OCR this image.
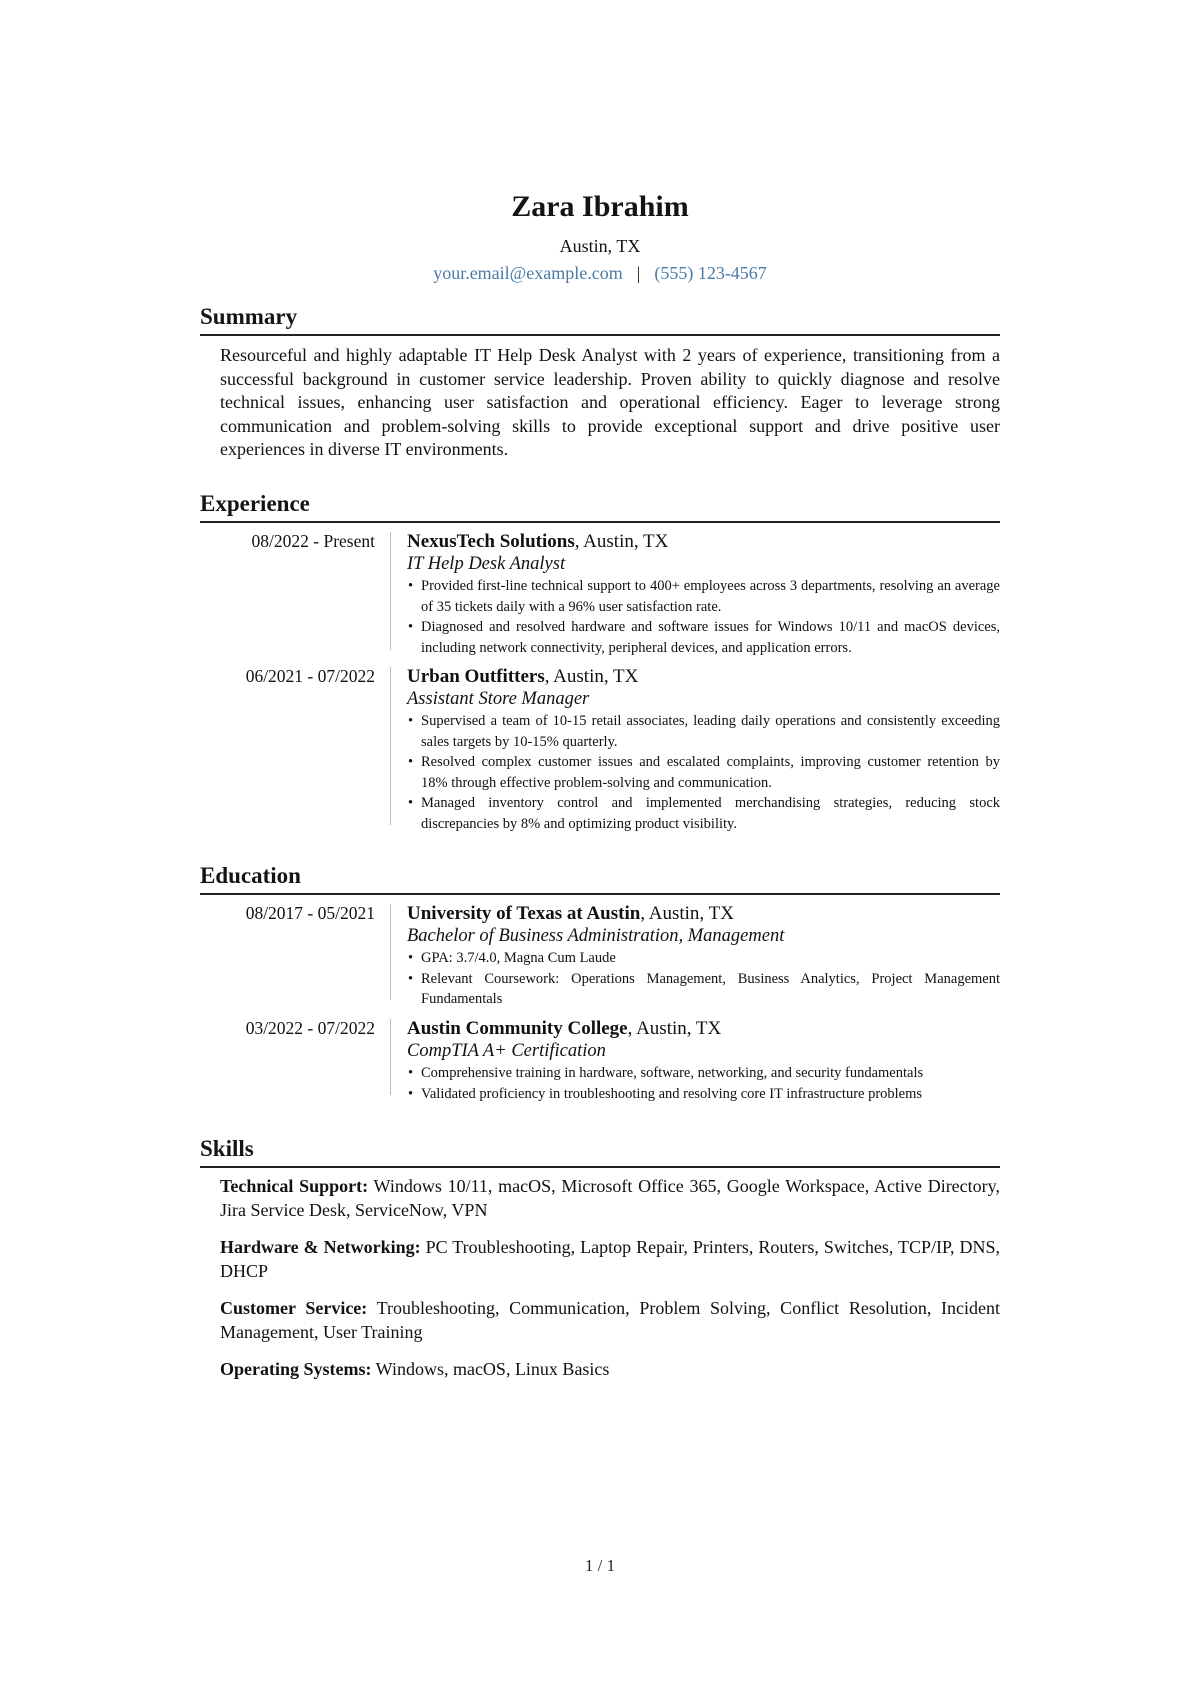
Zara Ibrahim
Austin, TX
your.email@example.com | (555) 123-4567
Summary
Resourceful and highly adaptable IT Help Desk Analyst with 2 years of experience, transitioning from a successful background in customer service leadership. Proven ability to quickly diagnose and resolve technical issues, enhancing user satisfaction and operational efficiency. Eager to leverage strong communication and problem-solving skills to provide exceptional support and drive positive user experiences in diverse IT environments.
Experience
08/2022 - Present NexusTech Solutions, Austin, TX
IT Help Desk Analyst
• Provided first-line technical support to 400+ employees across 3 departments, resolving an average of 35 tickets daily with a 96% user satisfaction rate.
• Diagnosed and resolved hardware and software issues for Windows 10/11 and macOS devices, including network connectivity, peripheral devices, and application errors.
06/2021 - 07/2022 Urban Outfitters, Austin, TX
Assistant Store Manager
• Supervised a team of 10-15 retail associates, leading daily operations and consistently exceeding sales targets by 10-15% quarterly.
• Resolved complex customer issues and escalated complaints, improving customer retention by 18% through effective problem-solving and communication.
• Managed inventory control and implemented merchandising strategies, reducing stock discrepancies by 8% and optimizing product visibility.
Education
08/2017 - 05/2021 University of Texas at Austin, Austin, TX
Bachelor of Business Administration, Management
• GPA: 3.7/4.0, Magna Cum Laude
• Relevant Coursework: Operations Management, Business Analytics, Project Management Fundamentals
03/2022 - 07/2022 Austin Community College, Austin, TX
CompTIA A+ Certification
• Comprehensive training in hardware, software, networking, and security fundamentals
• Validated proficiency in troubleshooting and resolving core IT infrastructure problems
Skills
Technical Support: Windows 10/11, macOS, Microsoft Office 365, Google Workspace, Active Directory, Jira Service Desk, ServiceNow, VPN
Hardware & Networking: PC Troubleshooting, Laptop Repair, Printers, Routers, Switches, TCP/IP, DNS, DHCP
Customer Service: Troubleshooting, Communication, Problem Solving, Conflict Resolution, Incident Management, User Training
Operating Systems: Windows, macOS, Linux Basics
1 / 1
